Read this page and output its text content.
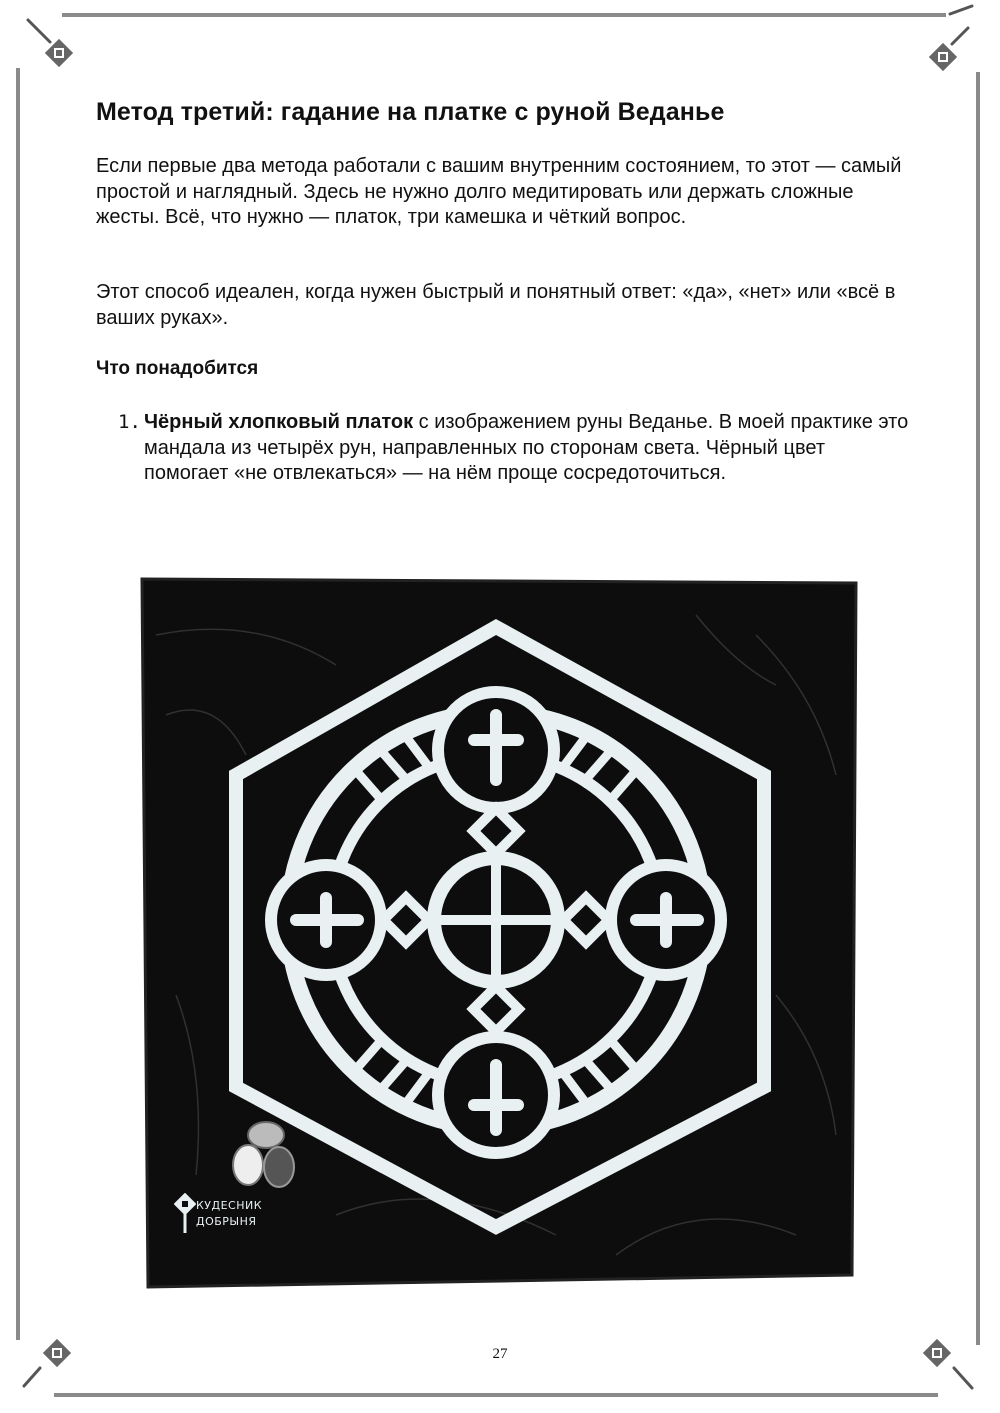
Метод третий: гадание на платке с руной Веданье

Если первые два метода работали с вашим внутренним состоянием, то этот — самый простой и наглядный. Здесь не нужно долго медитировать или держать сложные жесты. Всё, что нужно — платок, три камешка и чёткий вопрос.

Этот способ идеален, когда нужен быстрый и понятный ответ: «да», «нет» или «всё в ваших руках».

Что понадобится
1. Чёрный хлопковый платок с изображением руны Веданье. В моей практике это мандала из четырёх рун, направленных по сторонам света. Чёрный цвет помогает «не отвлекаться» — на нём проще сосредоточиться.
КУДЕСНИК
ДОБРЫНЯ
27
